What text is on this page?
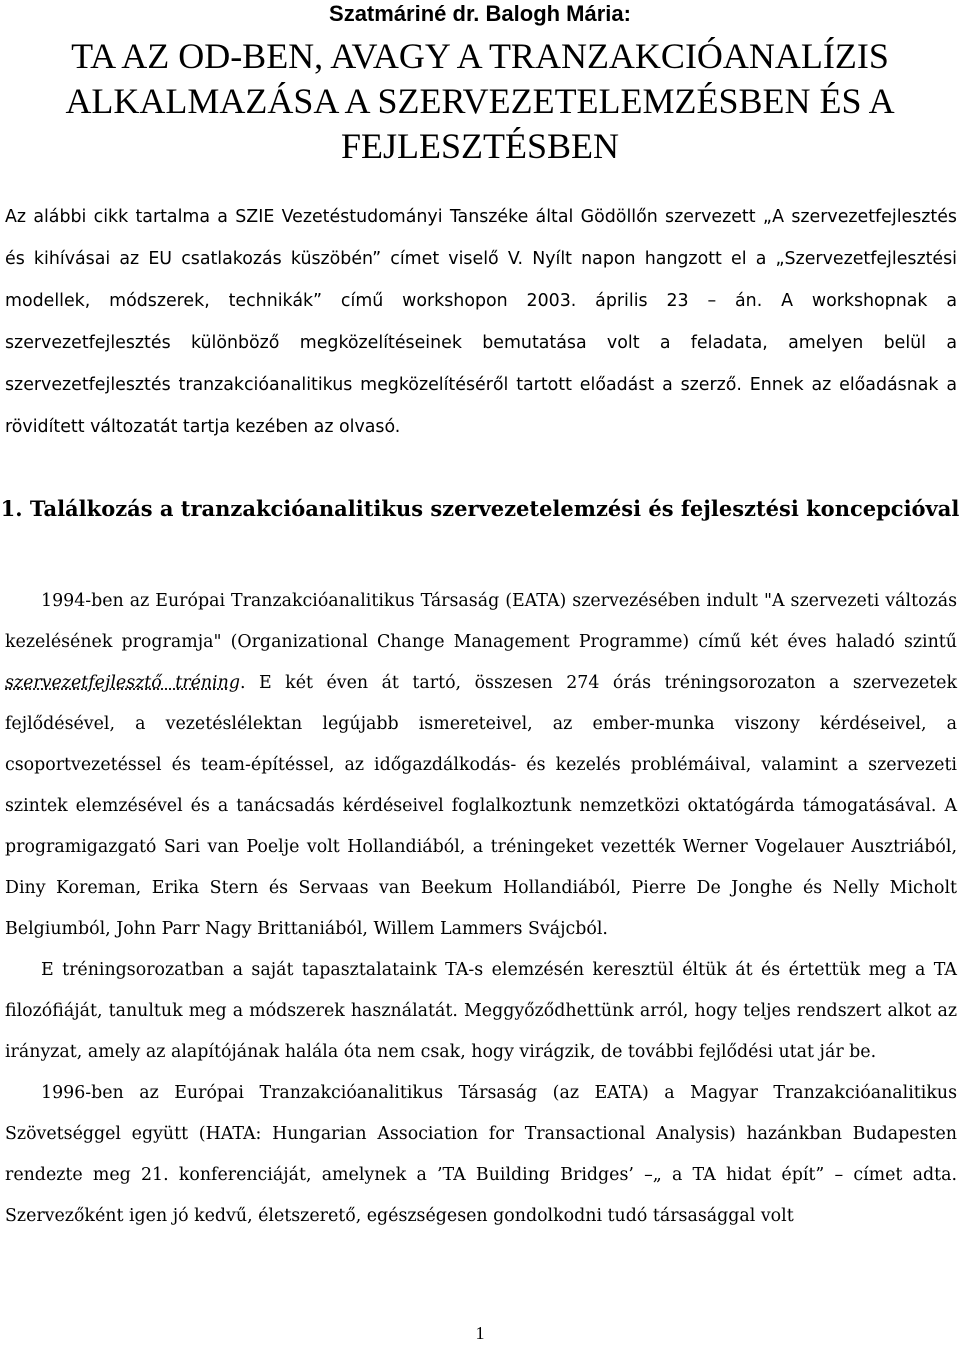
Szatmáriné dr. Balogh Mária:
TA AZ OD-BEN, AVAGY A TRANZAKCIÓANALÍZIS
ALKALMAZÁSA A SZERVEZETELEMZÉSBEN ÉS A
FEJLESZTÉSBEN

Az alábbi cikk tartalma a SZIE Vezetéstudományi Tanszéke által Gödöllőn szervezett „A szervezetfejlesztés és kihívásai az EU csatlakozás küszöbén” címet viselő V. Nyílt napon hangzott el a „Szervezetfejlesztési modellek, módszerek, technikák” című workshopon 2003. április 23 – án. A workshopnak a szervezetfejlesztés különböző megközelítéseinek bemutatása volt a feladata, amelyen belül a szervezetfejlesztés tranzakcióanalitikus megközelítéséről tartott előadást a szerző. Ennek az előadásnak a rövidített változatát tartja kezében az olvasó.

1. Találkozás a tranzakcióanalitikus szervezetelemzési és fejlesztési koncepcióval

1994-ben az Európai Tranzakcióanalitikus Társaság (EATA) szervezésében indult "A szervezeti változás kezelésének programja" (Organizational Change Management Programme) című két éves haladó szintű szervezetfejlesztő tréning. E két éven át tartó, összesen 274 órás tréningsorozaton a szervezetek fejlődésével, a vezetéslélektan legújabb ismereteivel, az ember-munka viszony kérdéseivel, a csoportvezetéssel és team-építéssel, az időgazdálkodás- és kezelés problémáival, valamint a szervezeti szintek elemzésével és a tanácsadás kérdéseivel foglalkoztunk nemzetközi oktatógárda támogatásával. A programigazgató Sari van Poelje volt Hollandiából, a tréningeket vezették Werner Vogelauer Ausztriából, Diny Koreman, Erika Stern és Servaas van Beekum Hollandiából, Pierre De Jonghe és Nelly Micholt Belgiumból, John Parr Nagy Brittaniából, Willem Lammers Svájcból.

E tréningsorozatban a saját tapasztalataink TA-s elemzésén keresztül éltük át és értettük meg a TA filozófiáját, tanultuk meg a módszerek használatát. Meggyőződhettünk arról, hogy teljes rendszert alkot az irányzat, amely az alapítójának halála óta nem csak, hogy virágzik, de további fejlődési utat jár be.

1996-ben az Európai Tranzakcióanalitikus Társaság (az EATA) a Magyar Tranzakcióanalitikus Szövetséggel együtt (HATA: Hungarian Association for Transactional Analysis) hazánkban Budapesten rendezte meg 21. konferenciáját, amelynek a ’TA Building Bridges’ –„ a TA hidat épít” – címet adta. Szervezőként igen jó kedvű, életszerető, egészségesen gondolkodni tudó társasággal volt

1
